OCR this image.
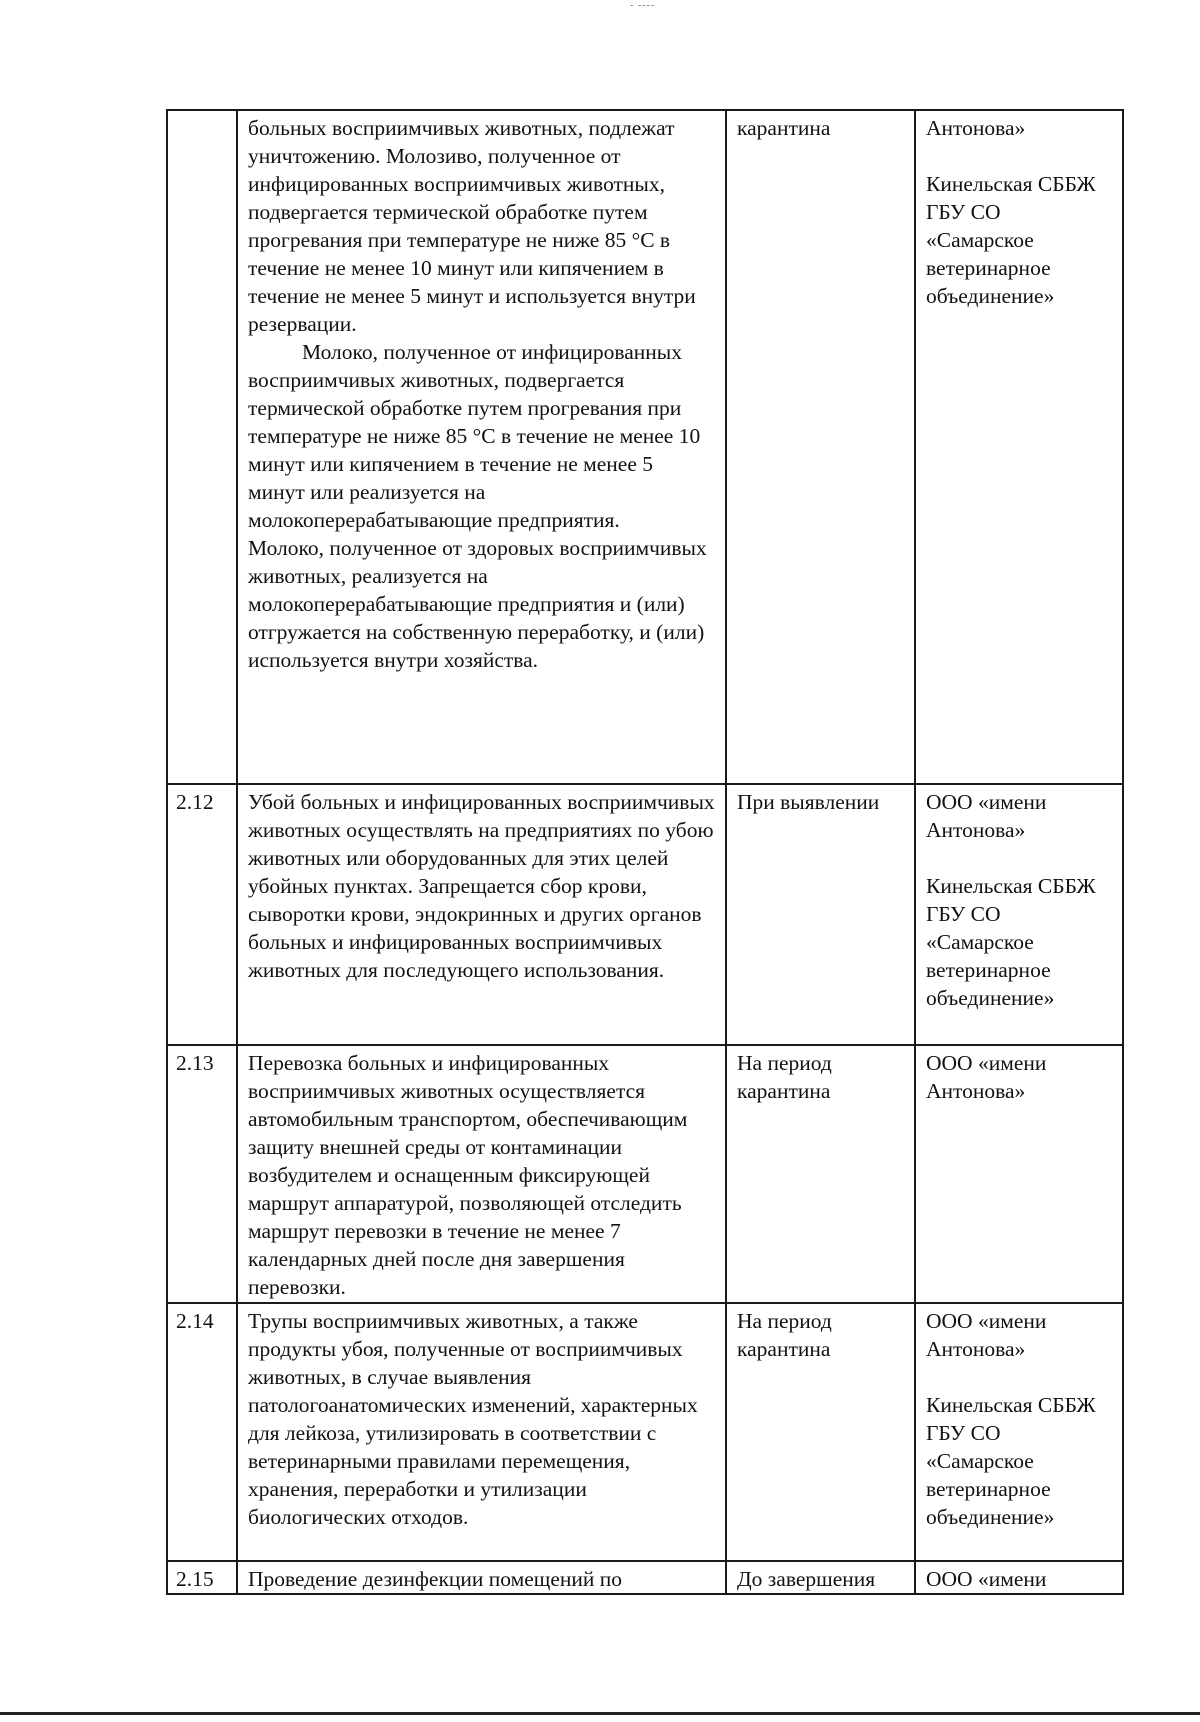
- ----

	больных восприимчивых животных, подлежат уничтожению. Молозиво, полученное от инфицированных восприимчивых животных, подвергается термической обработке путем прогревания при температуре не ниже 85 °С в течение не менее 10 минут или кипячением в течение не менее 5 минут и используется внутри резервации.
Молоко, полученное от инфицированных восприимчивых животных, подвергается термической обработке путем прогревания при температуре не ниже 85 °С в течение не менее 10 минут или кипячением в течение не менее 5 минут или реализуется на молокоперерабатывающие предприятия.
Молоко, полученное от здоровых восприимчивых животных, реализуется на молокоперерабатывающие предприятия и (или) отгружается на собственную переработку, и (или) используется внутри хозяйства.	карантина	Антонова»
Кинельская СББЖ ГБУ СО «Самарское ветеринарное объединение»

2.12	Убой больных и инфицированных восприимчивых животных осуществлять на предприятиях по убою животных или оборудованных для этих целей убойных пунктах. Запрещается сбор крови, сыворотки крови, эндокринных и других органов больных и инфицированных восприимчивых животных для последующего использования.	При выявлении	ООО «имени Антонова»
Кинельская СББЖ ГБУ СО «Самарское ветеринарное объединение»

2.13	Перевозка больных и инфицированных восприимчивых животных осуществляется автомобильным транспортом, обеспечивающим защиту внешней среды от контаминации возбудителем и оснащенным фиксирующей маршрут аппаратурой, позволяющей отследить маршрут перевозки в течение не менее 7 календарных дней после дня завершения перевозки.	На период карантина	ООО «имени Антонова»

2.14	Трупы восприимчивых животных, а также продукты убоя, полученные от восприимчивых животных, в случае выявления патологоанатомических изменений, характерных для лейкоза, утилизировать в соответствии с ветеринарными правилами перемещения, хранения, переработки и утилизации биологических отходов.	На период карантина	ООО «имени Антонова»
Кинельская СББЖ ГБУ СО «Самарское ветеринарное объединение»

2.15	Проведение дезинфекции помещений по	До завершения	ООО «имени
